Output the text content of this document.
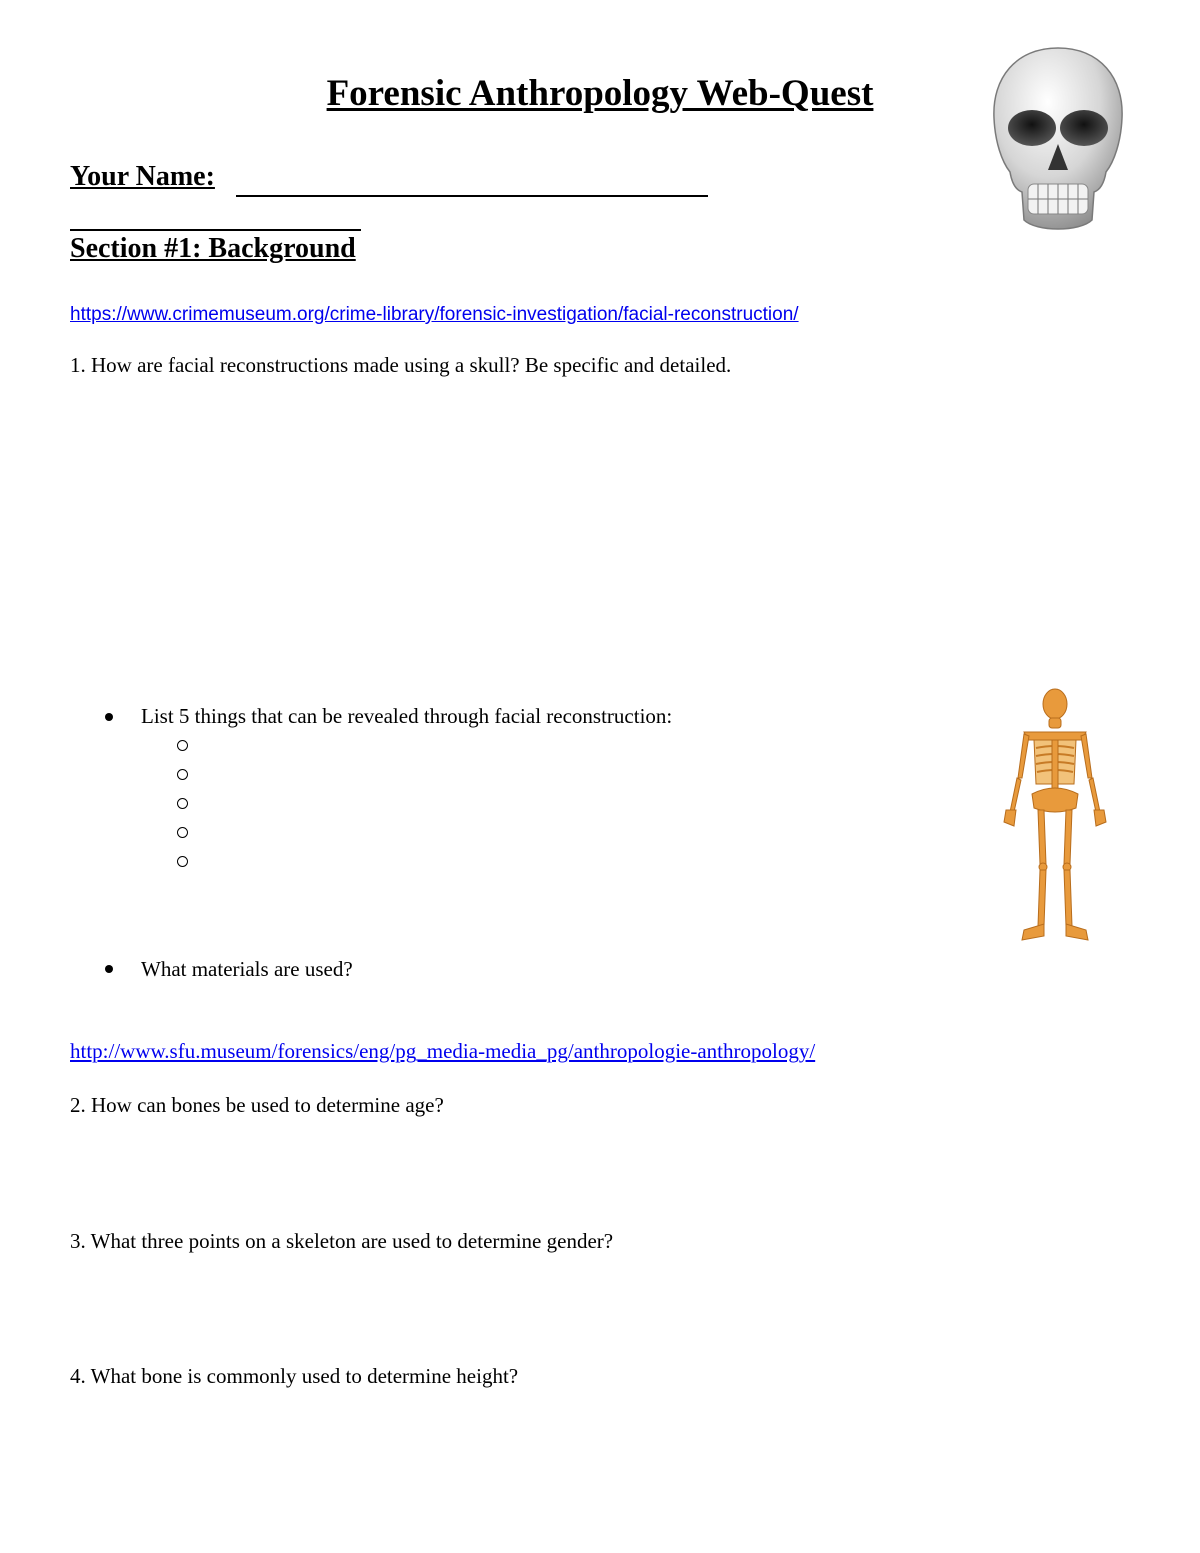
Forensic Anthropology Web-Quest
Your Name:
Section #1: Background
https://www.crimemuseum.org/crime-library/forensic-investigation/facial-reconstruction/
1. How are facial reconstructions made using a skull? Be specific and detailed.
List 5 things that can be revealed through facial reconstruction:
What materials are used?
http://www.sfu.museum/forensics/eng/pg_media-media_pg/anthropologie-anthropology/
2. How can bones be used to determine age?
3. What three points on a skeleton are used to determine gender?
4. What bone is commonly used to determine height?
